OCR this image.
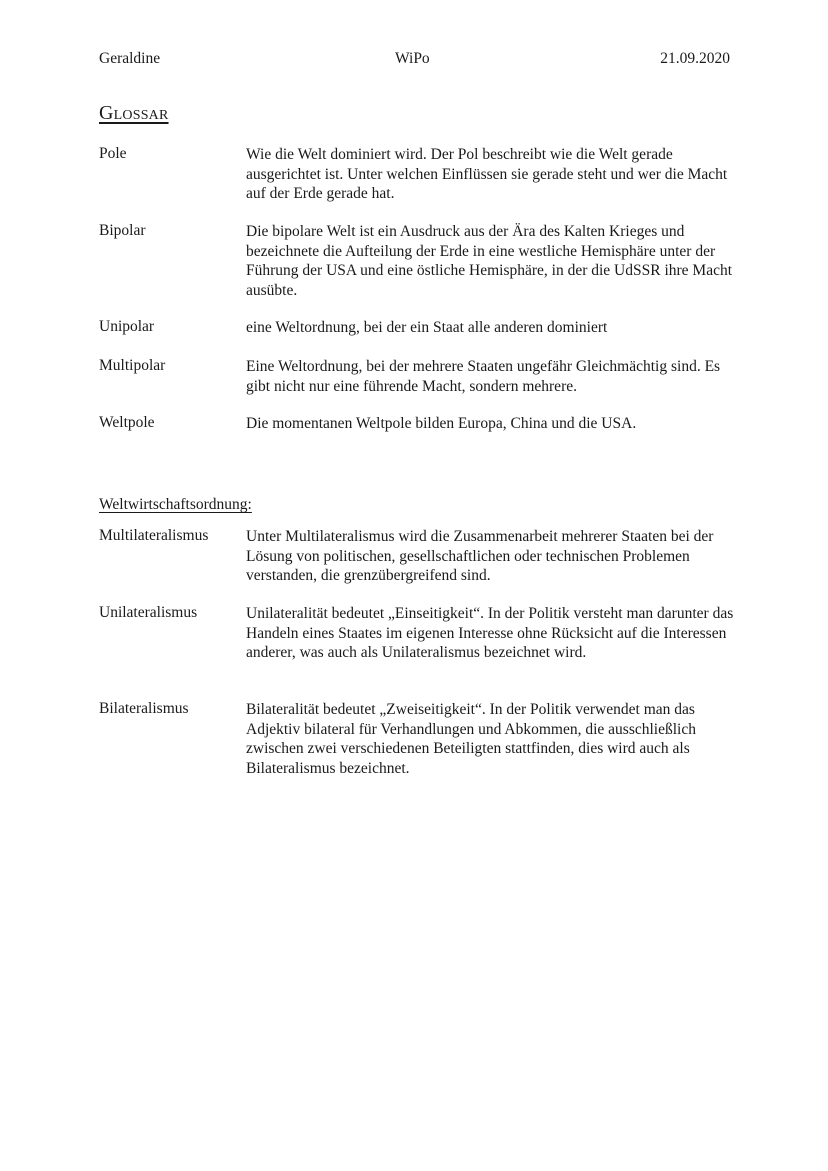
Geraldine	WiPo	21.09.2020
Glossar
Pole	Wie die Welt dominiert wird. Der Pol beschreibt wie die Welt gerade ausgerichtet ist. Unter welchen Einflüssen sie gerade steht und wer die Macht auf der Erde gerade hat.
Bipolar	Die bipolare Welt ist ein Ausdruck aus der Ära des Kalten Krieges und bezeichnete die Aufteilung der Erde in eine westliche Hemisphäre unter der Führung der USA und eine östliche Hemisphäre, in der die UdSSR ihre Macht ausübte.
Unipolar	eine Weltordnung, bei der ein Staat alle anderen dominiert
Multipolar	Eine Weltordnung, bei der mehrere Staaten ungefähr Gleichmächtig sind. Es gibt nicht nur eine führende Macht, sondern mehrere.
Weltpole	Die momentanen Weltpole bilden Europa, China und die USA.
Weltwirtschaftsordnung:
Multilateralismus Unter Multilateralismus wird die Zusammenarbeit mehrerer Staaten bei der Lösung von politischen, gesellschaftlichen oder technischen Problemen verstanden, die grenzübergreifend sind.
Unilateralismus	Unilateralität bedeutet „Einseitigkeit“. In der Politik versteht man darunter das Handeln eines Staates im eigenen Interesse ohne Rücksicht auf die Interessen anderer, was auch als Unilateralismus bezeichnet wird.
Bilateralismus	Bilateralität bedeutet „Zweiseitigkeit“. In der Politik verwendet man das Adjektiv bilateral für Verhandlungen und Abkommen, die ausschließlich zwischen zwei verschiedenen Beteiligten stattfinden, dies wird auch als Bilateralismus bezeichnet.
